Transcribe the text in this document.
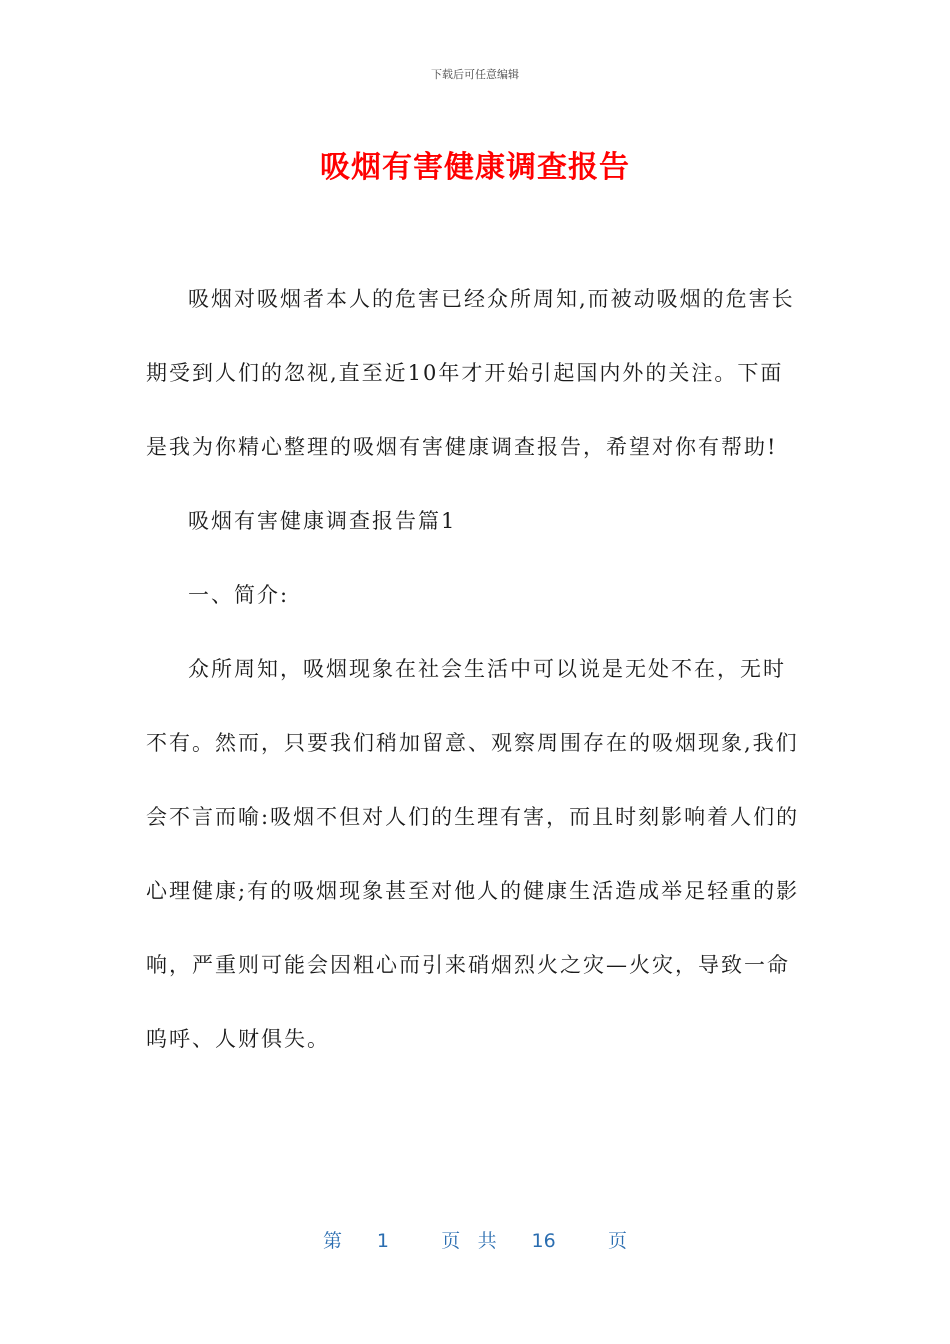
下载后可任意编辑
吸烟有害健康调查报告

吸烟对吸烟者本人的危害已经众所周知,而被动吸烟的危害长期受到人们的忽视,直至近10年才开始引起国内外的关注。下面是我为你精心整理的吸烟有害健康调查报告，希望对你有帮助!

吸烟有害健康调查报告篇1

一、简介:

众所周知，吸烟现象在社会生活中可以说是无处不在，无时不有。然而，只要我们稍加留意、观察周围存在的吸烟现象,我们会不言而喻:吸烟不但对人们的生理有害，而且时刻影响着人们的心理健康;有的吸烟现象甚至对他人的健康生活造成举足轻重的影响，严重则可能会因粗心而引来硝烟烈火之灾—火灾，导致一命呜呼、人财俱失。

第  1   页 共  16   页
